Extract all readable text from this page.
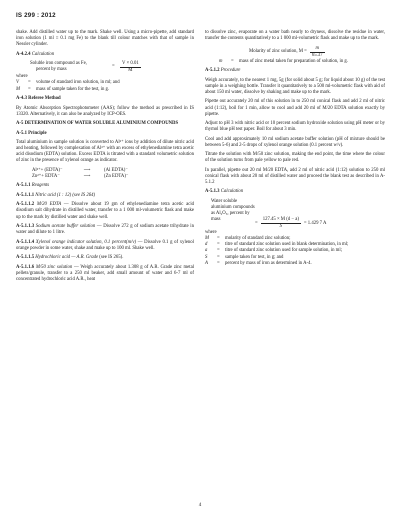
IS 299 : 2012

shake. Add distilled water up to the mark. Shake well. Using a micro-pipette, add standard iron solution (1 ml ≡ 0.1 mg Fe) to the blank till colour matches with that of sample in Nessler cylinder.

A-4.2.4 Calculation

Soluble iron compound as Fe,
percent by mass
=	$\frac{V \times 0.01}{M}$

where

V	=	volume of standard iron solution, in ml; and
M	=	mass of sample taken for the test, in g.

A-4.3 Referee Method

By Atomic Absorption Spectrophotometer (AAS); follow the method as prescribed in IS 13320. Alternatively, it can also be analyzed by ICP-OES.

A-5 DETERMINATION OF WATER SOLUBLE ALUMINIUM COMPOUNDS

A-5.1 Principle

Total aluminium in sample solution is converted to Al³⁺ ions by addition of dilute nitric acid and heating, followed by complexation of Al³⁺ with an excess of ethylenediamine tetra acetic acid disodium (EDTA) solution. Excess EDTA is titrated with a standard volumetric solution of zinc in the presence of xylenol orange as indicator.

Al³⁺+ (EDTA)⁻	⟶	(Al EDTA)⁻
Zn²⁺+ EDTA⁻	⟶	(Zn EDTA)⁻

A-5.1.1 Reagents

A-5.1.1.1 Nitric acid (1 : 12) (see IS 264)

A-5.1.1.2 M/20 EDTA — Dissolve about 19 gm of ethylenediamine tetra acetic acid disodium salt dihydrate in distilled water, transfer to a 1 000 ml-volumetric flask and make up to the mark by distilled water and shake well.

A-5.1.1.3 Sodium acetate buffer solution — Dissolve 272 g of sodium acetate trihydrate in water and dilute to 1 litre.

A-5.1.1.4 Xylenol orange indicator solution, 0.1 percent(m/v) — Dissolve 0.1 g of xylenol orange powder in some water, shake and make up to 100 ml. Shake well.

A-5.1.1.5 Hydrochloric acid — A.R. Grade (see IS 265).

A-5.1.1.6 M/50 zinc solution — Weigh accurately about 1.308 g of A.R. Grade zinc metal pellets/granule, transfer to a 250 ml beaker, add small amount of water and 6-7 ml of concentrated hydrochloric acid A.R., heat

to dissolve zinc, evaporate on a water bath nearly to dryness, dissolve the residue in water, transfer the contents quantitatively to a 1 000 ml-volumetric flask and make up to the mark.

Molarity of zinc solution, $M = \frac{m}{65.37}$
m	=	mass of zinc metal taken for preparation of solution, in g.

A-5.1.2 Procedure

Weigh accurately, to the nearest 1 mg, 5g (for solid about 5 g; for liquid about 10 g) of the test sample in a weighing bottle. Transfer it quantitatively to a 500 ml-volumetric flask with aid of about 150 ml water, dissolve by shaking and make up to the mark.

Pipette out accurately 20 ml of this solution in to 250 ml conical flask and add 2 ml of nitric acid (1:12), boil for 1 min, allow to cool and add 20 ml of M/20 EDTA solution exactly by pipette.

Adjust to pH 3 with nitric acid or 10 percent sodium hydroxide solution using pH meter or by thymol blue pH test paper. Boil for about 3 min.

Cool and add approximately 10 ml sodium acetate buffer solution (pH of mixture should be between 5-6) and 2-5 drops of xylenol orange solution (0.1 percent w/v).

Titrate the solution with M/50 zinc solution, making the end point, the time where the colour of the solution turns from pale yellow to pale red.

In parallel, pipette out 20 ml M/20 EDTA, add 2 ml of nitric acid (1:12) solution to 250 ml conical flask with about 20 ml of distilled water and proceed the blank test as described in A-5.1.2

A-5.1.3 Calculation

Water soluble aluminium compounds as Al₂O₃, percent by mass
= $\frac{127.45 \times M (d - a)}{S} = 1.429$ 7 A

where

M	=	molarity of standard zinc solution;
d	=	titre of standard zinc solution used in blank determination, in ml;
a	=	titre of standard zinc solution used for sample solution, in ml;
S	=	sample taken for test, in g; and
A	=	percent by mass of iron as determined in A-4.
4
